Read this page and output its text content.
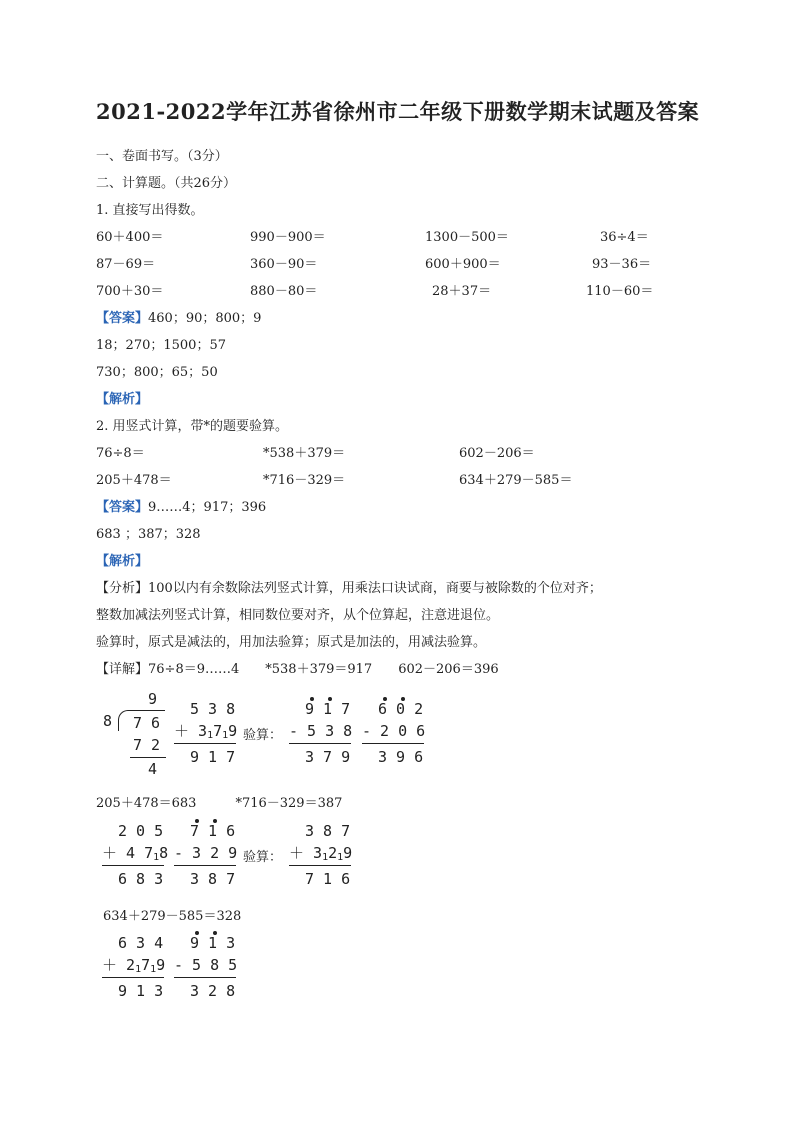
2021-2022学年江苏省徐州市二年级下册数学期末试题及答案
一、卷面书写。（3分）
二、计算题。（共26分）
1. 直接写出得数。
60＋400＝	990－900＝	1300－500＝	36÷4＝
87－69＝	360－90＝	600＋900＝	93－36＝
700＋30＝	880－80＝	28＋37＝	110－60＝
【答案】460；90；800；9
18；270；1500；57
730；800；65；50
【解析】
2. 用竖式计算，带*的题要验算。
76÷8＝	*538＋379＝	602－206＝
205＋478＝	*716－329＝	634＋279－585＝
【答案】9……4；917；396
683 ；387；328
【解析】
【分析】100以内有余数除法列竖式计算，用乘法口诀试商，商要与被除数的个位对齐；
整数加减法列竖式计算，相同数位要对齐，从个位算起，注意进退位。
验算时，原式是减法的，用加法验算；原式是加法的，用减法验算。
【详解】76÷8＝9……4　　*538＋379＝917　　602－206＝396
9
8 7 6
7 2
4
5 3 8
＋ $3_17_19$
9 1 7
验算：
9 1 7
- 5 3 8
3 7 9
6 0 2
- 2 0 6
3 9 6
205＋478＝683　　　*716－329＝387
2 0 5
＋ 4 $7_18$
6 8 3
7 1 6
- 3 2 9
3 8 7
验算：
3 8 7
＋ $3_12_19$
7 1 6
634＋279－585＝328
6 3 4
＋ $2_17_19$
9 1 3
9 1 3
- 5 8 5
3 2 8
